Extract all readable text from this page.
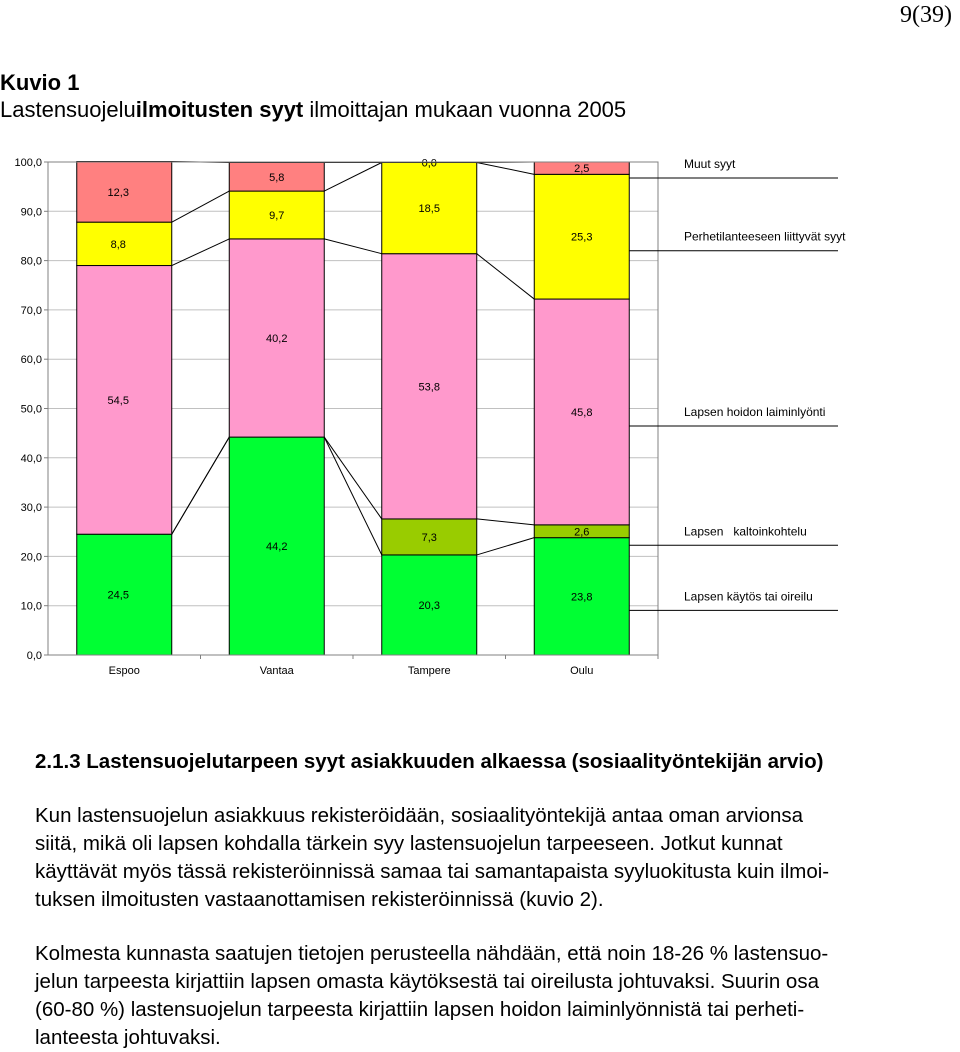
9(39)
Kuvio 1
Lastensuojeluilmoitusten syyt ilmoittajan mukaan vuonna 2005
24,5
54,5
8,8
12,3
44,2
40,2
9,7
5,8
20,3
7,3
53,8
18,5
0,0
23,8
2,6
45,8
25,3
2,5
0,0
10,0
20,0
30,0
40,0
50,0
60,0
70,0
80,0
90,0
100,0
Espoo	Vantaa	Tampere	Oulu
Muut syyt
Perhetilanteeseen liittyvät syyt
Lapsen hoidon laiminlyönti
Lapsen   kaltoinkohtelu
Lapsen käytös tai oireilu
2.1.3 Lastensuojelutarpeen syyt asiakkuuden alkaessa (sosiaalityöntekijän arvio)

Kun lastensuojelun asiakkuus rekisteröidään, sosiaalityöntekijä antaa oman arvionsa
siitä, mikä oli lapsen kohdalla tärkein syy lastensuojelun tarpeeseen. Jotkut kunnat
käyttävät myös tässä rekisteröinnissä samaa tai samantapaista syyluokitusta kuin ilmoi-
tuksen ilmoitusten vastaanottamisen rekisteröinnissä (kuvio 2).

Kolmesta kunnasta saatujen tietojen perusteella nähdään, että noin 18-26 % lastensuo-
jelun tarpeesta kirjattiin lapsen omasta käytöksestä tai oireilusta johtuvaksi. Suurin osa
(60-80 %) lastensuojelun tarpeesta kirjattiin lapsen hoidon laiminlyönnistä tai perheti-
lanteesta johtuvaksi.
